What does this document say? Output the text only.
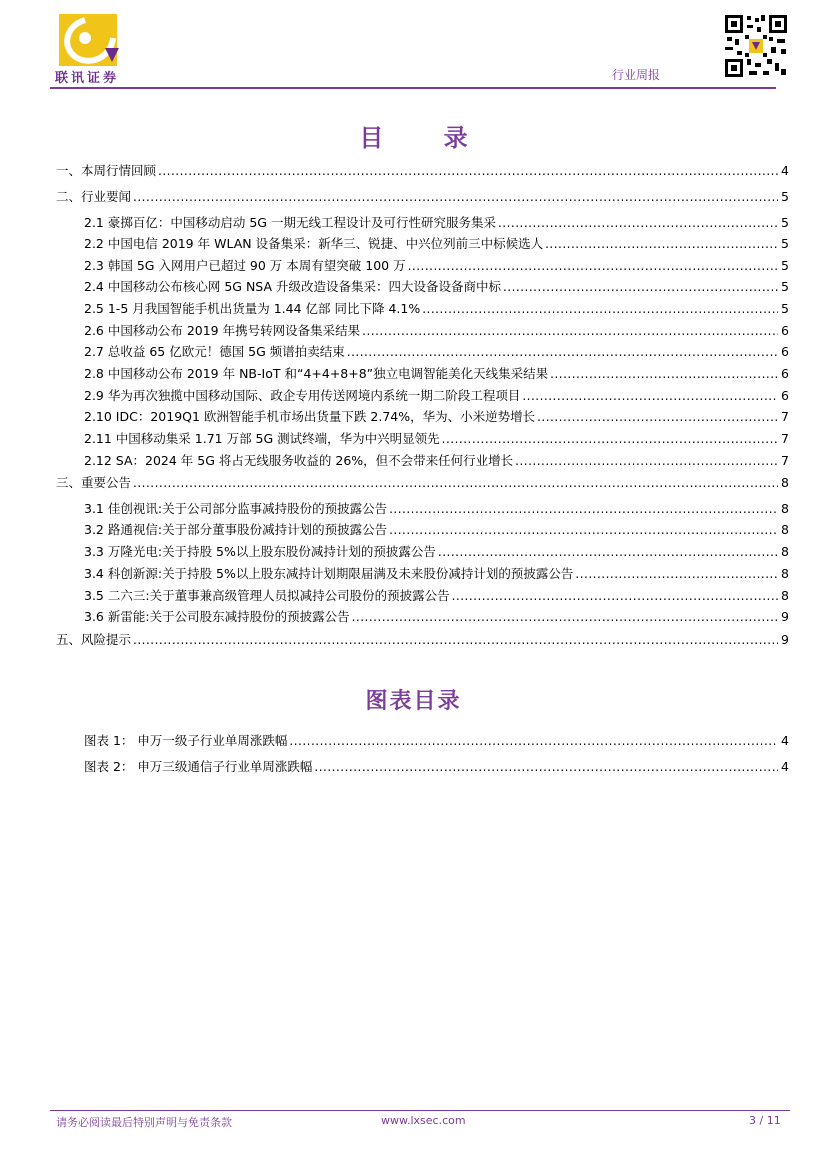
联讯证券	行业周报
目 录
一、本周行情回顾 .....	4
二、行业要闻 .....	5
2.1 豪掷百亿：中国移动启动 5G 一期无线工程设计及可行性研究服务集采 .....	5
2.2 中国电信 2019 年 WLAN 设备集采：新华三、锐捷、中兴位列前三中标候选人 .....	5
2.3 韩国 5G 入网用户已超过 90 万 本周有望突破 100 万 .....	5
2.4 中国移动公布核心网 5G NSA 升级改造设备集采：四大设备设备商中标 .....	5
2.5 1-5 月我国智能手机出货量为 1.44 亿部 同比下降 4.1% .....	5
2.6 中国移动公布 2019 年携号转网设备集采结果 .....	6
2.7 总收益 65 亿欧元！德国 5G 频谱拍卖结束 .....	6
2.8 中国移动公布 2019 年 NB-IoT 和“4+4+8+8”独立电调智能美化天线集采结果 .....	6
2.9 华为再次独揽中国移动国际、政企专用传送网境内系统一期二阶段工程项目 .....	6
2.10 IDC：2019Q1 欧洲智能手机市场出货量下跌 2.74%，华为、小米逆势增长 .....	7
2.11 中国移动集采 1.71 万部 5G 测试终端，华为中兴明显领先 .....	7
2.12 SA：2024 年 5G 将占无线服务收益的 26%，但不会带来任何行业增长 .....	7
三、重要公告 .....	8
3.1 佳创视讯:关于公司部分监事减持股份的预披露公告 .....	8
3.2 路通视信:关于部分董事股份减持计划的预披露公告 .....	8
3.3 万隆光电:关于持股 5%以上股东股份减持计划的预披露公告 .....	8
3.4 科创新源:关于持股 5%以上股东减持计划期限届满及未来股份减持计划的预披露公告 .....	8
3.5 二六三:关于董事兼高级管理人员拟减持公司股份的预披露公告 .....	8
3.6 新雷能:关于公司股东减持股份的预披露公告 .....	9
五、风险提示 .....	9
图表目录
图表 1： 申万一级子行业单周涨跌幅 .....	4
图表 2： 申万三级通信子行业单周涨跌幅 .....	4
请务必阅读最后特别声明与免责条款	www.lxsec.com	3 / 11
